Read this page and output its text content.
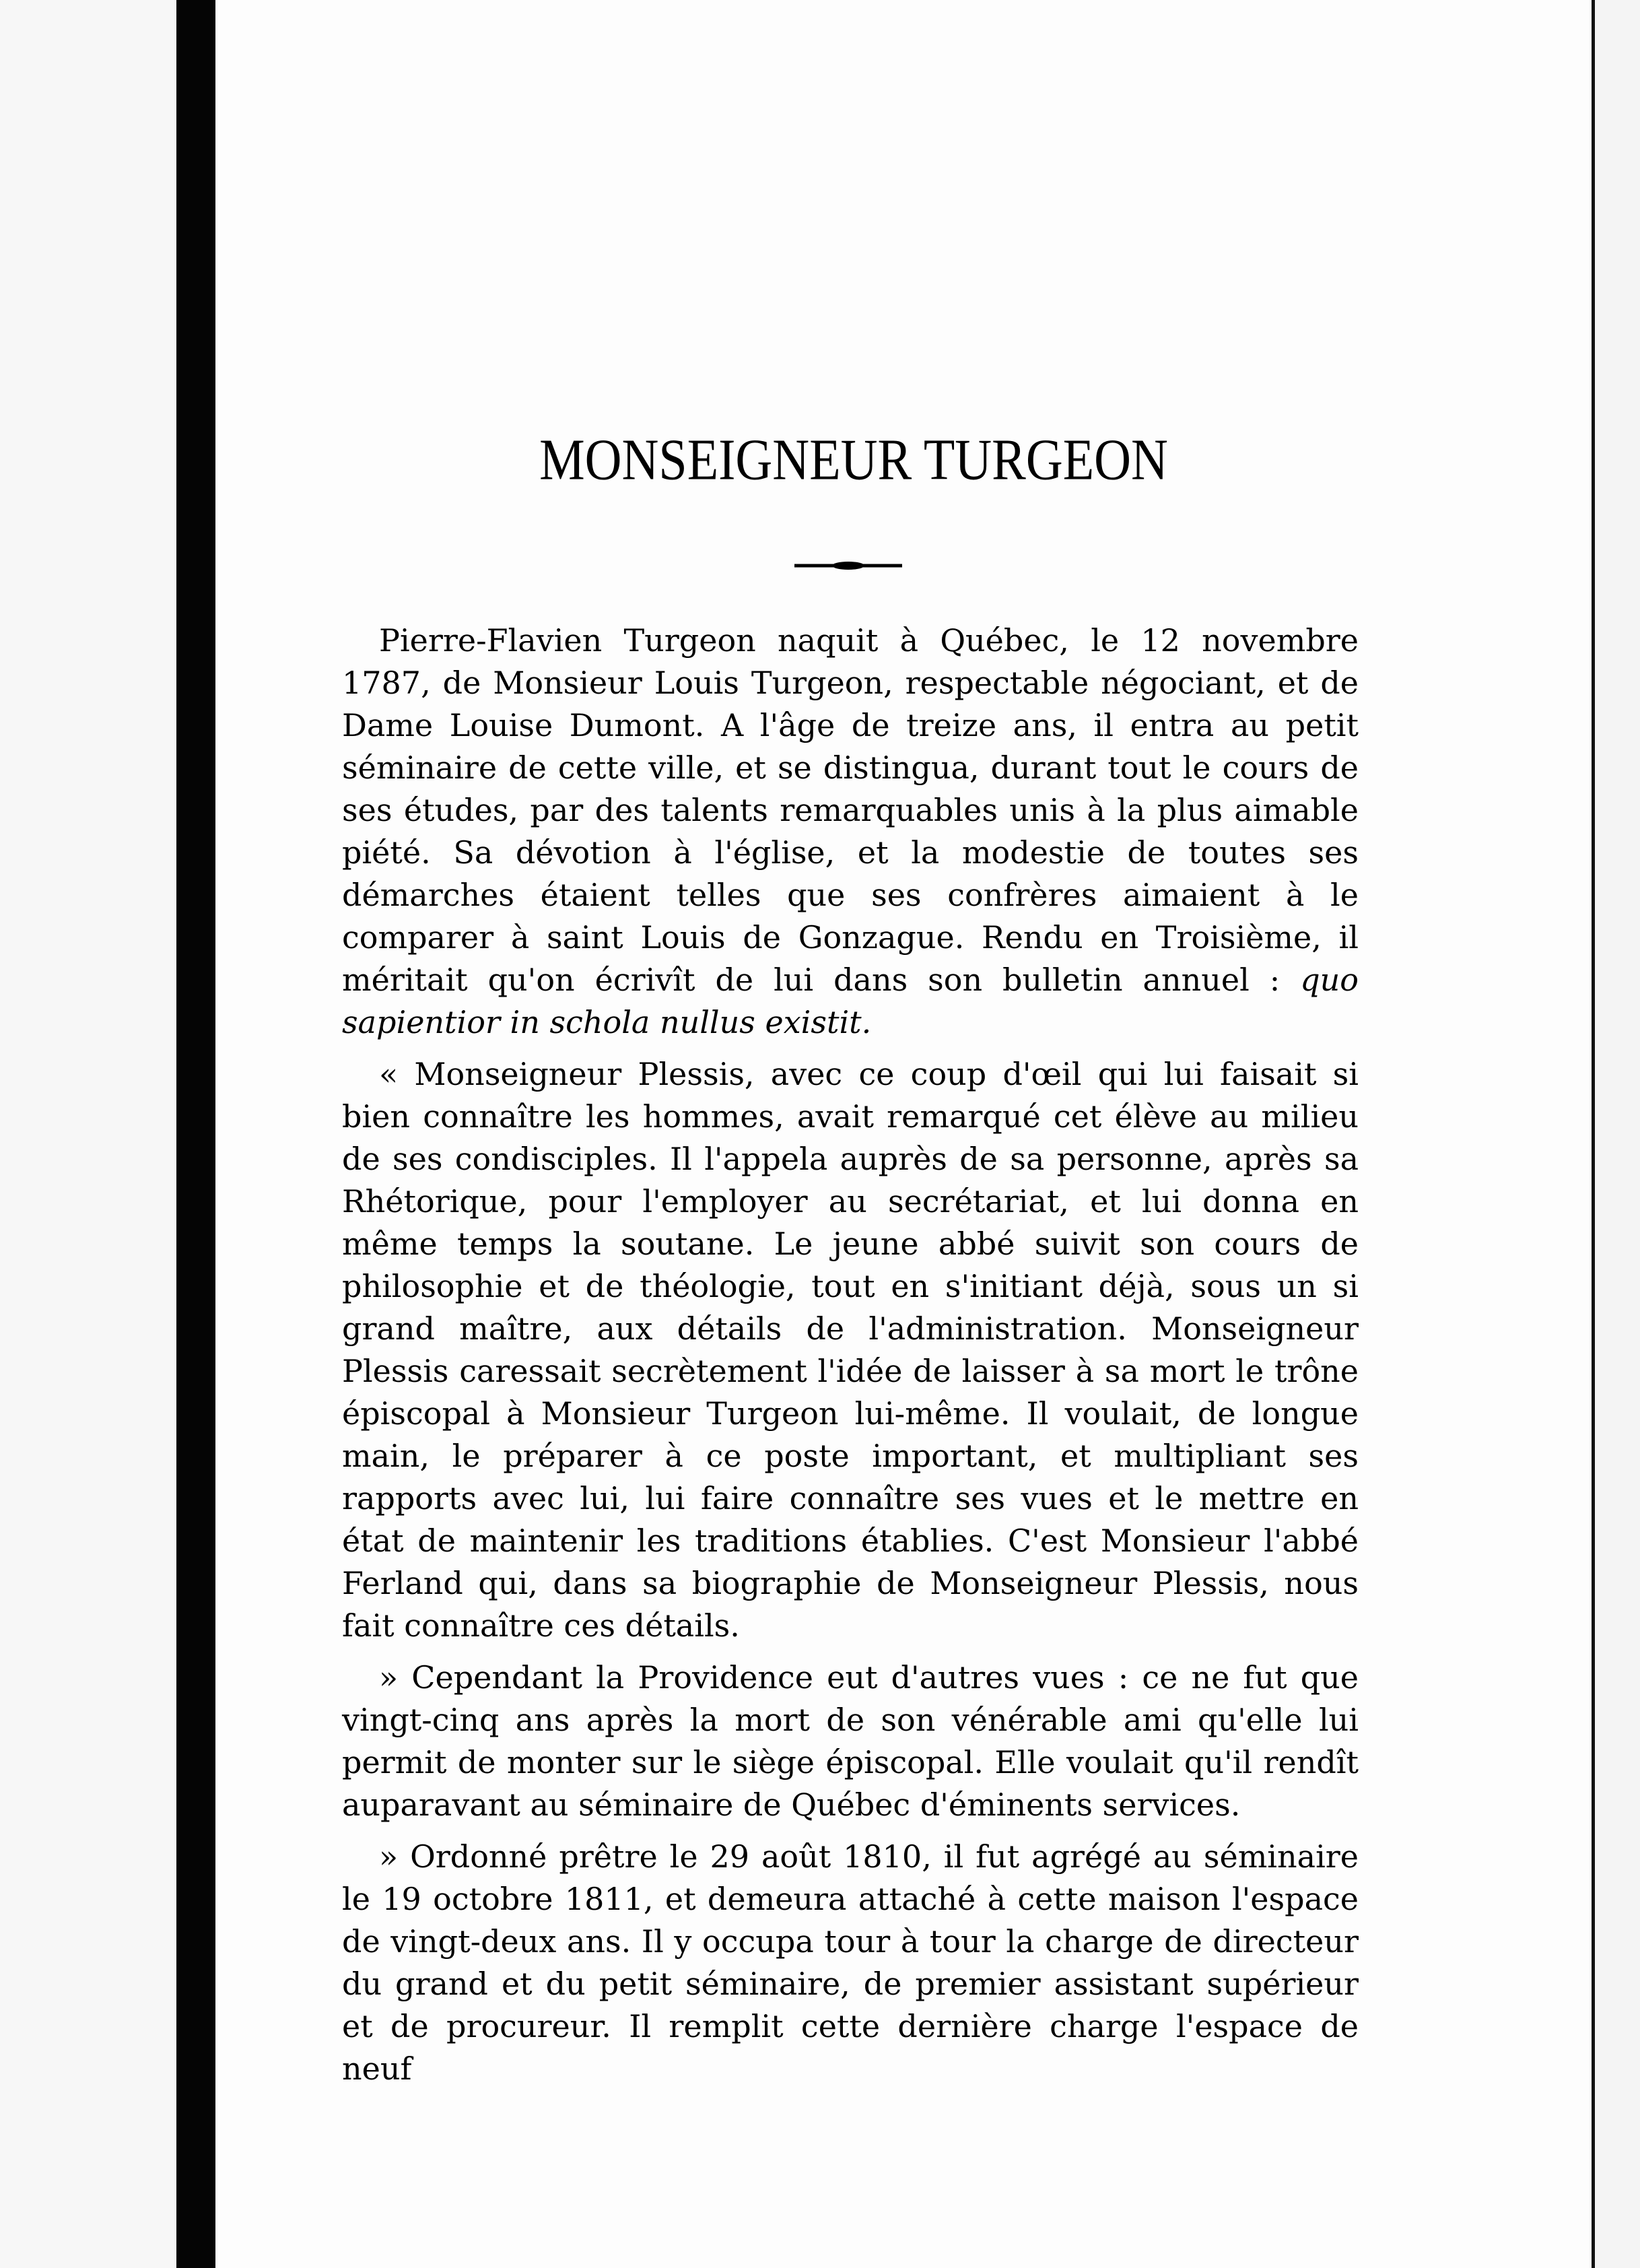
MONSEIGNEUR TURGEON

Pierre-Flavien Turgeon naquit à Québec, le 12 novembre 1787, de Monsieur Louis Turgeon, respectable négociant, et de Dame Louise Dumont. A l'âge de treize ans, il entra au petit séminaire de cette ville, et se distingua, durant tout le cours de ses études, par des talents remarquables unis à la plus aimable piété. Sa dévotion à l'église, et la modestie de toutes ses démarches étaient telles que ses confrères aimaient à le comparer à saint Louis de Gonzague. Rendu en Troisième, il méritait qu'on écrivît de lui dans son bulletin annuel : quo sapientior in schola nullus existit.

« Monseigneur Plessis, avec ce coup d'œil qui lui faisait si bien connaître les hommes, avait remarqué cet élève au milieu de ses condisciples. Il l'appela auprès de sa personne, après sa Rhétorique, pour l'employer au secrétariat, et lui donna en même temps la soutane. Le jeune abbé suivit son cours de philosophie et de théologie, tout en s'initiant déjà, sous un si grand maître, aux détails de l'administration. Monseigneur Plessis caressait secrètement l'idée de laisser à sa mort le trône épiscopal à Monsieur Turgeon lui-même. Il voulait, de longue main, le préparer à ce poste important, et multipliant ses rapports avec lui, lui faire connaître ses vues et le mettre en état de maintenir les traditions établies. C'est Monsieur l'abbé Ferland qui, dans sa biographie de Monseigneur Plessis, nous fait connaître ces détails.

» Cependant la Providence eut d'autres vues : ce ne fut que vingt-cinq ans après la mort de son vénérable ami qu'elle lui permit de monter sur le siège épiscopal. Elle voulait qu'il rendît auparavant au séminaire de Québec d'éminents services.

» Ordonné prêtre le 29 août 1810, il fut agrégé au séminaire le 19 octobre 1811, et demeura attaché à cette maison l'espace de vingt-deux ans. Il y occupa tour à tour la charge de directeur du grand et du petit séminaire, de premier assistant supérieur et de procureur. Il remplit cette dernière charge l'espace de neuf
